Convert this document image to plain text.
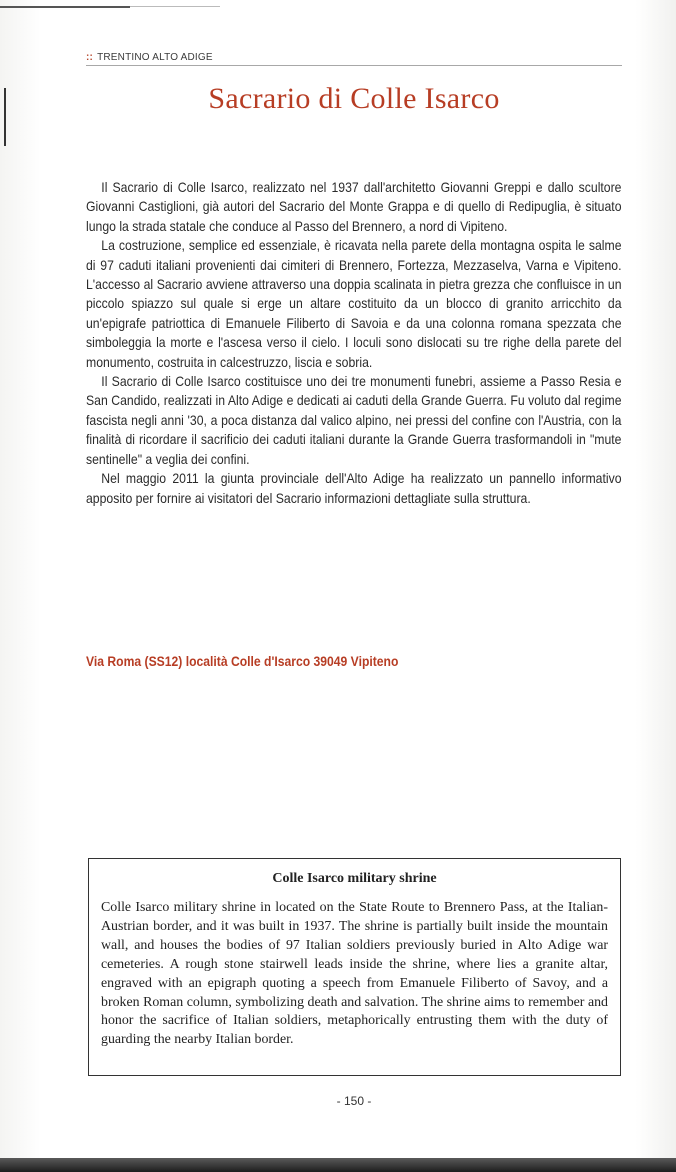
:: TRENTINO ALTO ADIGE
Sacrario di Colle Isarco

Il Sacrario di Colle Isarco, realizzato nel 1937 dall'architetto Giovanni Greppi e dallo scultore Giovanni Castiglioni, già autori del Sacrario del Monte Grappa e di quello di Redipuglia, è situato lungo la strada statale che conduce al Passo del Brennero, a nord di Vipiteno.

La costruzione, semplice ed essenziale, è ricavata nella parete della montagna ospita le salme di 97 caduti italiani provenienti dai cimiteri di Brennero, Fortezza, Mezzaselva, Varna e Vipiteno. L'accesso al Sacrario avviene attraverso una doppia scalinata in pietra grezza che confluisce in un piccolo spiazzo sul quale si erge un altare costituito da un blocco di granito arricchito da un'epigrafe patriottica di Emanuele Filiberto di Savoia e da una colonna romana spezzata che simboleggia la morte e l'ascesa verso il cielo. I loculi sono dislocati su tre righe della parete del monumento, costruita in calcestruzzo, liscia e sobria.

Il Sacrario di Colle Isarco costituisce uno dei tre monumenti funebri, assieme a Passo Resia e San Candido, realizzati in Alto Adige e dedicati ai caduti della Grande Guerra. Fu voluto dal regime fascista negli anni '30, a poca distanza dal valico alpino, nei pressi del confine con l'Austria, con la finalità di ricordare il sacrificio dei caduti italiani durante la Grande Guerra trasformandoli in "mute sentinelle" a veglia dei confini.

Nel maggio 2011 la giunta provinciale dell'Alto Adige ha realizzato un pannello informativo apposito per fornire ai visitatori del Sacrario informazioni dettagliate sulla struttura.

Via Roma (SS12) località Colle d'Isarco 39049 Vipiteno
Colle Isarco military shrine

Colle Isarco military shrine in located on the State Route to Brennero Pass, at the Italian-Austrian border, and it was built in 1937. The shrine is partially built inside the mountain wall, and houses the bodies of 97 Italian soldiers previously buried in Alto Adige war cemeteries. A rough stone stairwell leads inside the shrine, where lies a granite altar, engraved with an epigraph quoting a speech from Emanuele Filiberto of Savoy, and a broken Roman column, symbolizing death and salvation. The shrine aims to remember and honor the sacrifice of Italian soldiers, metaphorically entrusting them with the duty of guarding the nearby Italian border.

- 150 -
